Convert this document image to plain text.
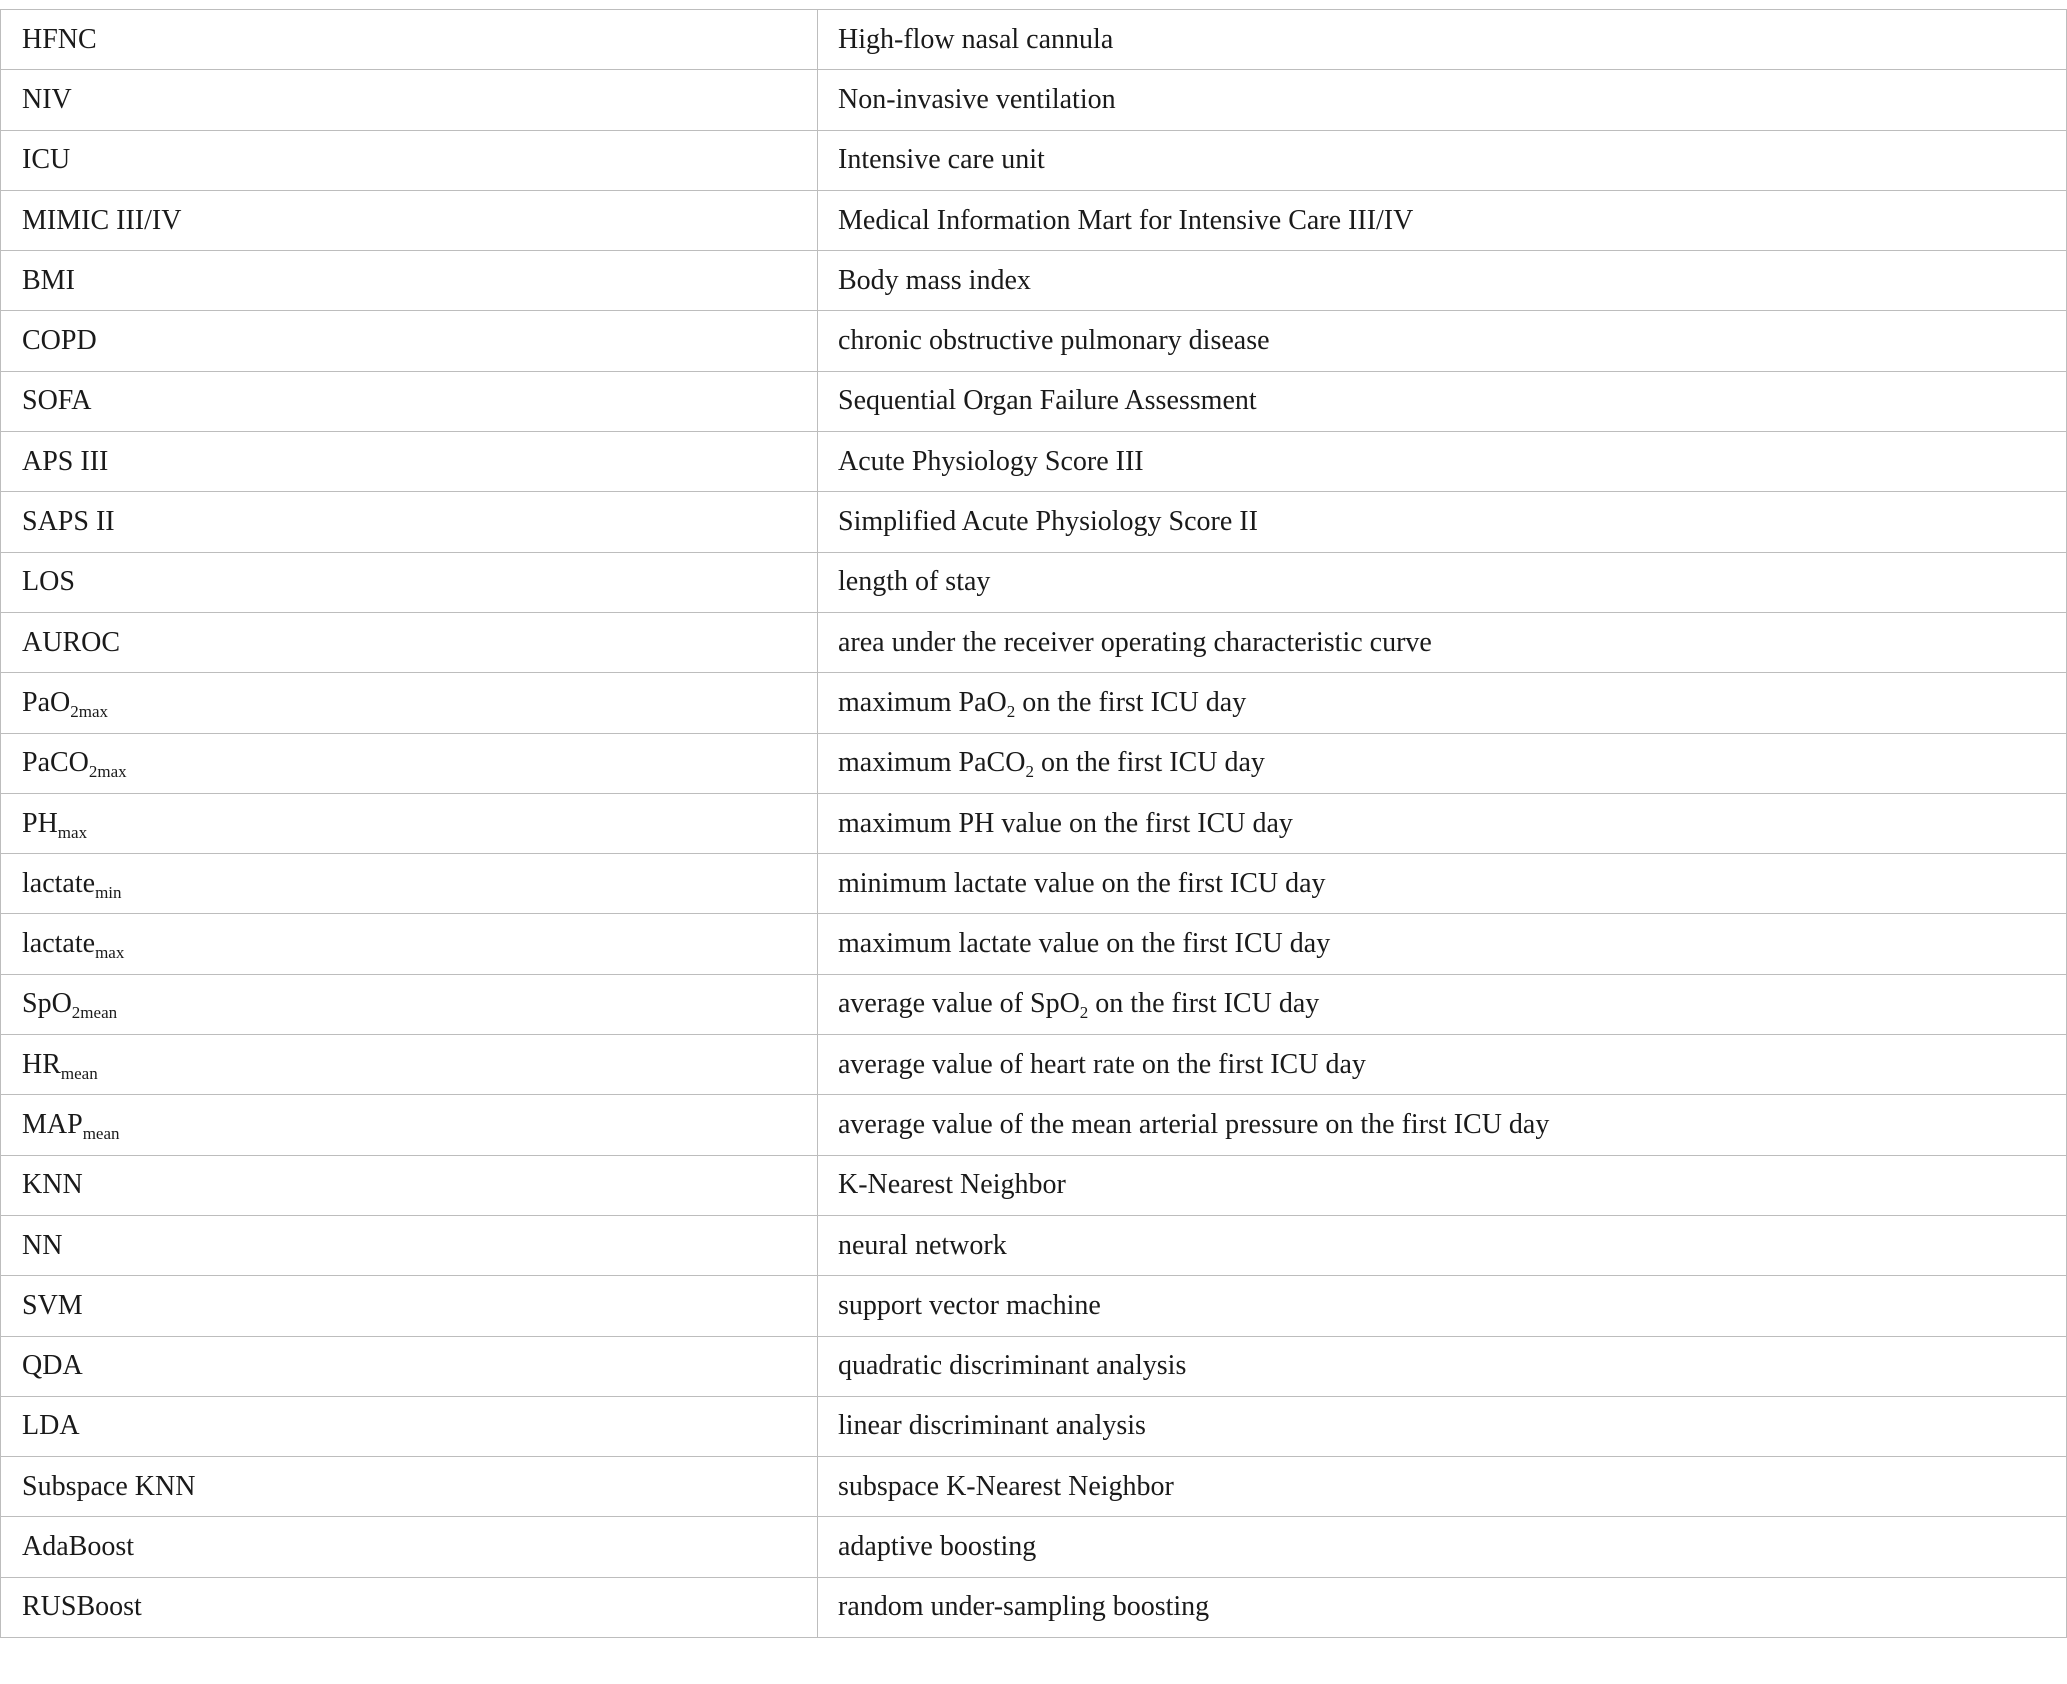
HFNC	High-flow nasal cannula
NIV	Non-invasive ventilation
ICU	Intensive care unit
MIMIC III/IV	Medical Information Mart for Intensive Care III/IV
BMI	Body mass index
COPD	chronic obstructive pulmonary disease
SOFA	Sequential Organ Failure Assessment
APS III	Acute Physiology Score III
SAPS II	Simplified Acute Physiology Score II
LOS	length of stay
AUROC	area under the receiver operating characteristic curve
PaO$_{2max}$	maximum PaO$_2$ on the first ICU day
PaCO$_{2max}$	maximum PaCO$_2$ on the first ICU day
$PH_{max}$	maximum PH value on the first ICU day
lactate$_{min}$	minimum lactate value on the first ICU day
lactate$_{max}$	maximum lactate value on the first ICU day
SpO$_{2mean}$	average value of SpO$_2$ on the first ICU day
$HR_{mean}$	average value of heart rate on the first ICU day
$MAP_{mean}$	average value of the mean arterial pressure on the first ICU day
KNN	K-Nearest Neighbor
NN	neural network
SVM	support vector machine
QDA	quadratic discriminant analysis
LDA	linear discriminant analysis
Subspace KNN	subspace K-Nearest Neighbor
AdaBoost	adaptive boosting
RUSBoost	random under-sampling boosting
